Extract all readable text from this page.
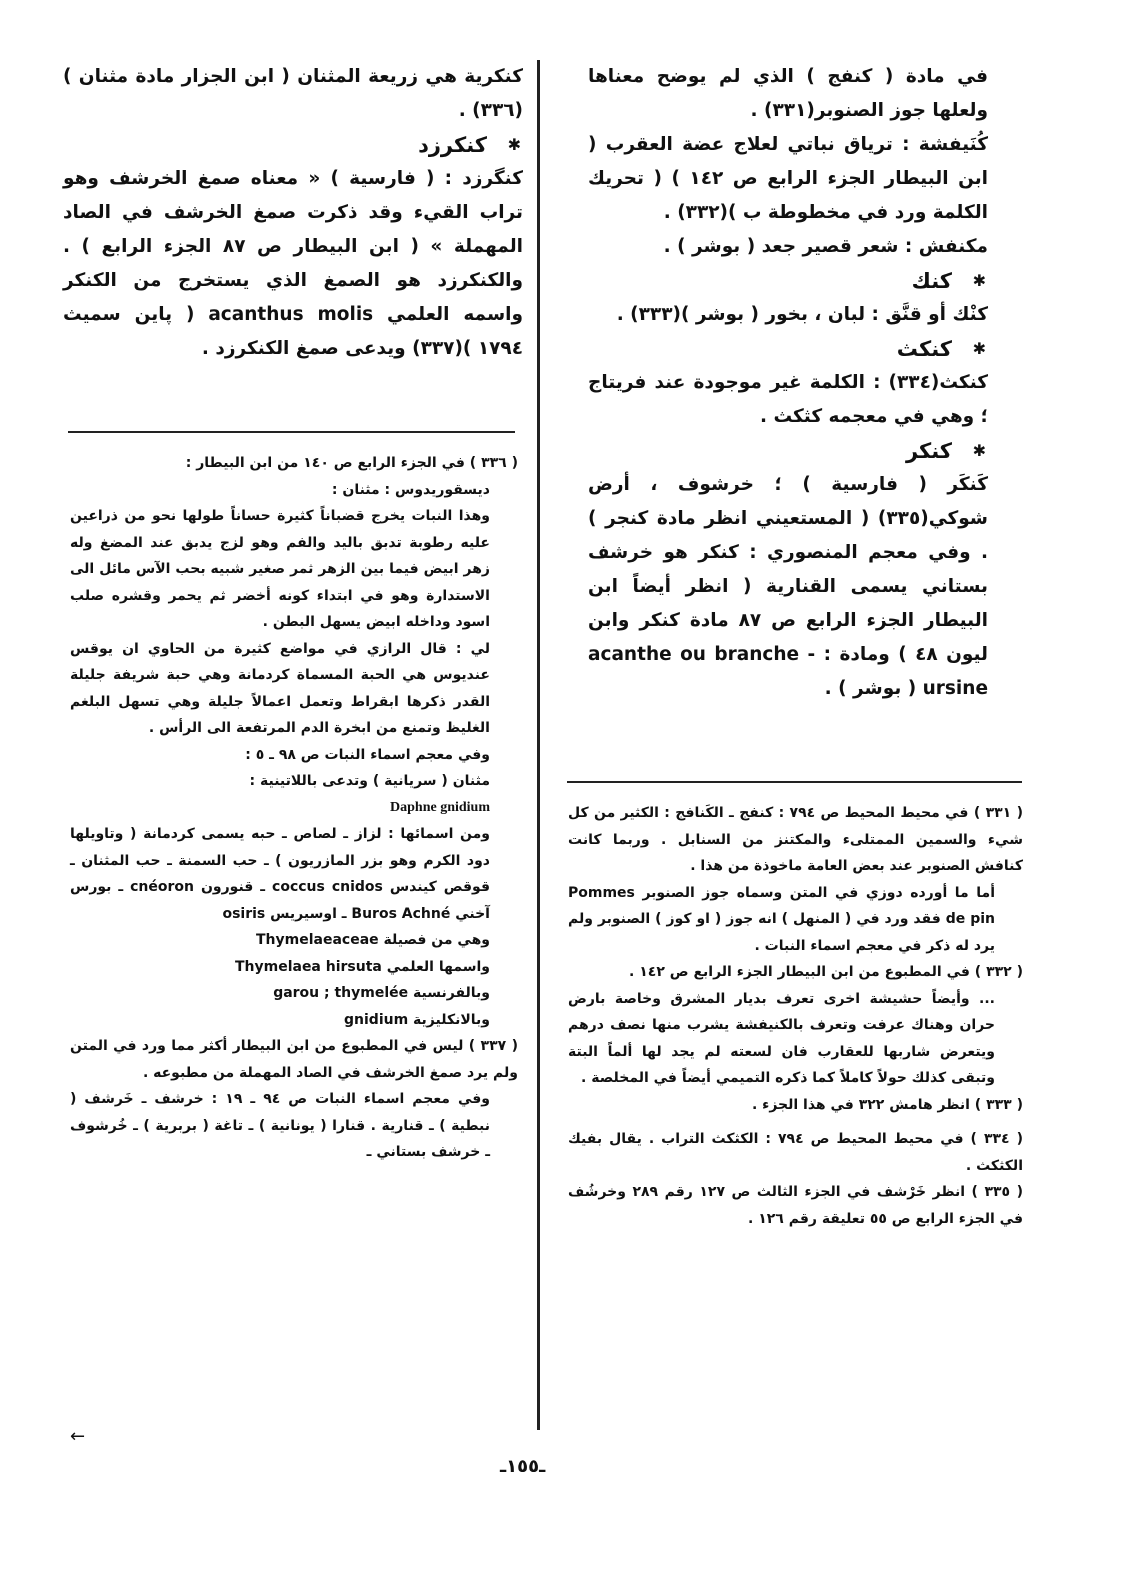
في مادة ( كنفج ) الذي لم يوضح معناها ولعلها جوز الصنوبر(٣٣١) .

كُنَيفشة : ترياق نباتي لعلاج عضة العقرب ( ابن البيطار الجزء الرابع ص ١٤٢ ) ( تحريك الكلمة ورد في مخطوطة ب )(٣٣٢) .

مكنفش : شعر قصير جعد ( بوشر ) .

✱ كنك

كنْك أو قنَّق : لبان ، بخور ( بوشر )(٣٣٣) .

✱ كنكث

كنكث(٣٣٤) : الكلمة غير موجودة عند فريتاج ؛ وهي في معجمه كثكث .

✱ كنكر

كَنكَر ( فارسية ) ؛ خرشوف ، أرض شوكي(٣٣٥) ( المستعيني انظر مادة كنجر ) . وفي معجم المنصوري : كنكر هو خرشف بستاني يسمى القنارية ( انظر أيضاً ابن البيطار الجزء الرابع ص ٨٧ مادة كنكر وابن ليون ٤٨ ) ومادة : acanthe ou branche - ursine ( بوشر ) .

كنكرية هي زريعة المثنان ( ابن الجزار مادة مثنان )(٣٣٦) .

✱ كنكرزد

كنگرزد : ( فارسية ) « معناه صمغ الخرشف وهو تراب القيء وقد ذكرت صمغ الخرشف في الصاد المهملة » ( ابن البيطار ص ٨٧ الجزء الرابع ) . والكنكرزد هو الصمغ الذي يستخرج من الكنكر واسمه العلمي acanthus molis ( پاين سميث ١٧٩٤ )(٣٣٧) ويدعى صمغ الكنكرزد .

( ٣٣٦ ) في الجزء الرابع ص ١٤٠ من ابن البيطار :

ديسقوريدوس : مثنان :

وهذا النبات يخرج قضباناً كثيرة حساناً طولها نحو من ذراعين عليه رطوبة تدبق باليد والفم وهو لزج يدبق عند المضغ وله زهر ابيض فيما بين الزهر ثمر صغير شبيه بحب الآس مائل الى الاستدارة وهو في ابتداء كونه أخضر ثم يحمر وقشره صلب اسود وداخله ابيض يسهل البطن .

لي : قال الرازي في مواضع كثيرة من الحاوي ان يوقس عنديوس هي الحبة المسماة كردمانة وهي حبة شريفة جليلة القدر ذكرها ابقراط وتعمل اعمالاً جليلة وهي تسهل البلغم الغليظ وتمنع من ابخرة الدم المرتفعة الى الرأس .

وفي معجم اسماء النبات ص ٩٨ ـ ٥ :

مثنان ( سريانية ) وتدعى باللاتينية :

Daphne gnidium

ومن اسمائها : لزاز ـ لصاص ـ حبه يسمى كردمانة ( وتاويلها دود الكرم وهو بزر المازريون ) ـ حب السمنة ـ حب المثنان ـ قوقص كيندس coccus cnidos ـ قنورون cnéoron ـ بورس آخني Buros Achné ـ اوسيريس osiris

وهي من فصيلة Thymelaeaceae

واسمها العلمي Thymelaea hirsuta

وبالفرنسية garou ; thymelée

وبالانكليزية gnidium

( ٣٣٧ ) ليس في المطبوع من ابن البيطار أكثر مما ورد في المتن ولم يرد صمغ الخرشف في الصاد المهملة من مطبوعه .

وفي معجم اسماء النبات ص ٩٤ ـ ١٩ : خرشف ـ خَرشف ( نبطية ) ـ قنارية . قنارا ( يونانية ) ـ تاغة ( بربرية ) ـ خُرشوف ـ خرشف بستاني ـ

( ٣٣١ ) في محيط المحيط ص ٧٩٤ : كنفج ـ الكَنافج : الكثير من كل شيء والسمين الممتلىء والمكتنز من السنابل . وربما كانت كنافش الصنوبر عند بعض العامة ماخوذة من هذا .

أما ما أورده دوزي في المتن وسماه جوز الصنوبر Pommes de pin فقد ورد في ( المنهل ) انه جوز ( او كوز ) الصنوبر ولم يرد له ذكر في معجم اسماء النبات .

( ٣٣٢ ) في المطبوع من ابن البيطار الجزء الرابع ص ١٤٢ .

... وأيضاً حشيشة اخرى تعرف بديار المشرق وخاصة بارض حران وهناك عرفت وتعرف بالكنيفشة يشرب منها نصف درهم ويتعرض شاربها للعقارب فان لسعته لم يجد لها ألماً البتة وتبقى كذلك حولاً كاملاً كما ذكره التميمي أيضاً في المخلصة .

( ٣٣٣ ) انظر هامش ٣٢٢ في هذا الجزء .

( ٣٣٤ ) في محيط المحيط ص ٧٩٤ : الكثكث التراب . يقال بفيك الكثكث .

( ٣٣٥ ) انظر خَرْشف في الجزء الثالث ص ١٢٧ رقم ٢٨٩ وخرشُف في الجزء الرابع ص ٥٥ تعليقة رقم ١٢٦ .

←
ـ١٥٥ـ
